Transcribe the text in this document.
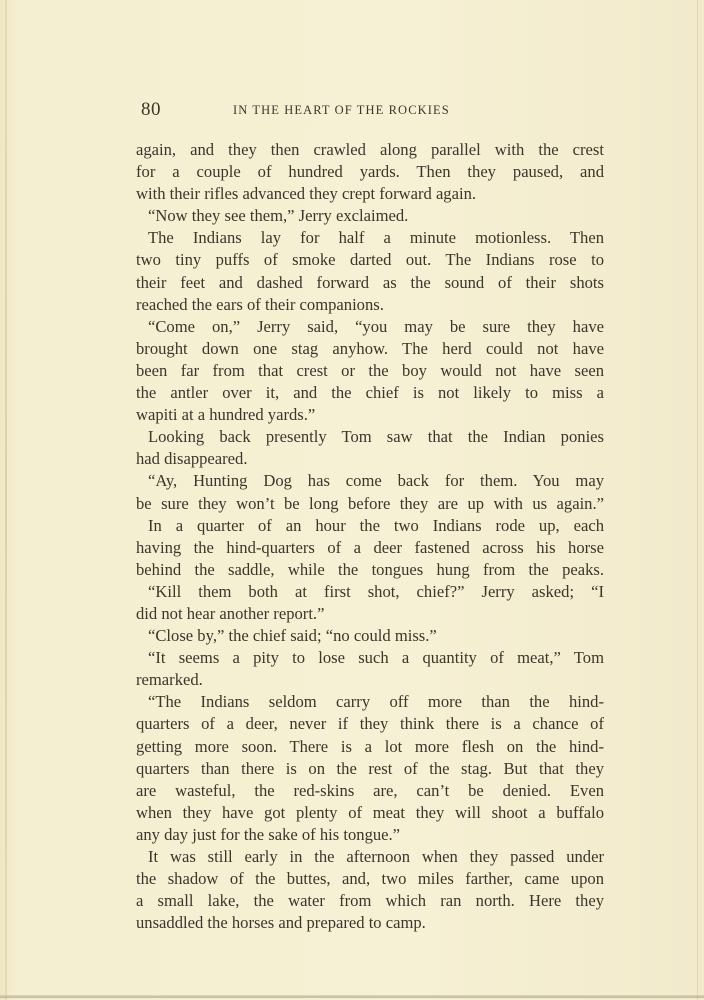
80	IN THE HEART OF THE ROCKIES
again, and they then crawled along parallel with the crest
for a couple of hundred yards. Then they paused, and
with their rifles advanced they crept forward again.
“Now they see them,” Jerry exclaimed.
The Indians lay for half a minute motionless. Then
two tiny puffs of smoke darted out. The Indians rose to
their feet and dashed forward as the sound of their shots
reached the ears of their companions.
“Come on,” Jerry said, “you may be sure they have
brought down one stag anyhow. The herd could not have
been far from that crest or the boy would not have seen
the antler over it, and the chief is not likely to miss a
wapiti at a hundred yards.”
Looking back presently Tom saw that the Indian ponies
had disappeared.
“Ay, Hunting Dog has come back for them. You may
be sure they won’t be long before they are up with us again.”
In a quarter of an hour the two Indians rode up, each
having the hind-quarters of a deer fastened across his horse
behind the saddle, while the tongues hung from the peaks.
“Kill them both at first shot, chief?” Jerry asked; “I
did not hear another report.”
“Close by,” the chief said; “no could miss.”
“It seems a pity to lose such a quantity of meat,” Tom
remarked.
“The Indians seldom carry off more than the hind-
quarters of a deer, never if they think there is a chance of
getting more soon. There is a lot more flesh on the hind-
quarters than there is on the rest of the stag. But that they
are wasteful, the red-skins are, can’t be denied. Even
when they have got plenty of meat they will shoot a buffalo
any day just for the sake of his tongue.”
It was still early in the afternoon when they passed under
the shadow of the buttes, and, two miles farther, came upon
a small lake, the water from which ran north. Here they
unsaddled the horses and prepared to camp.
